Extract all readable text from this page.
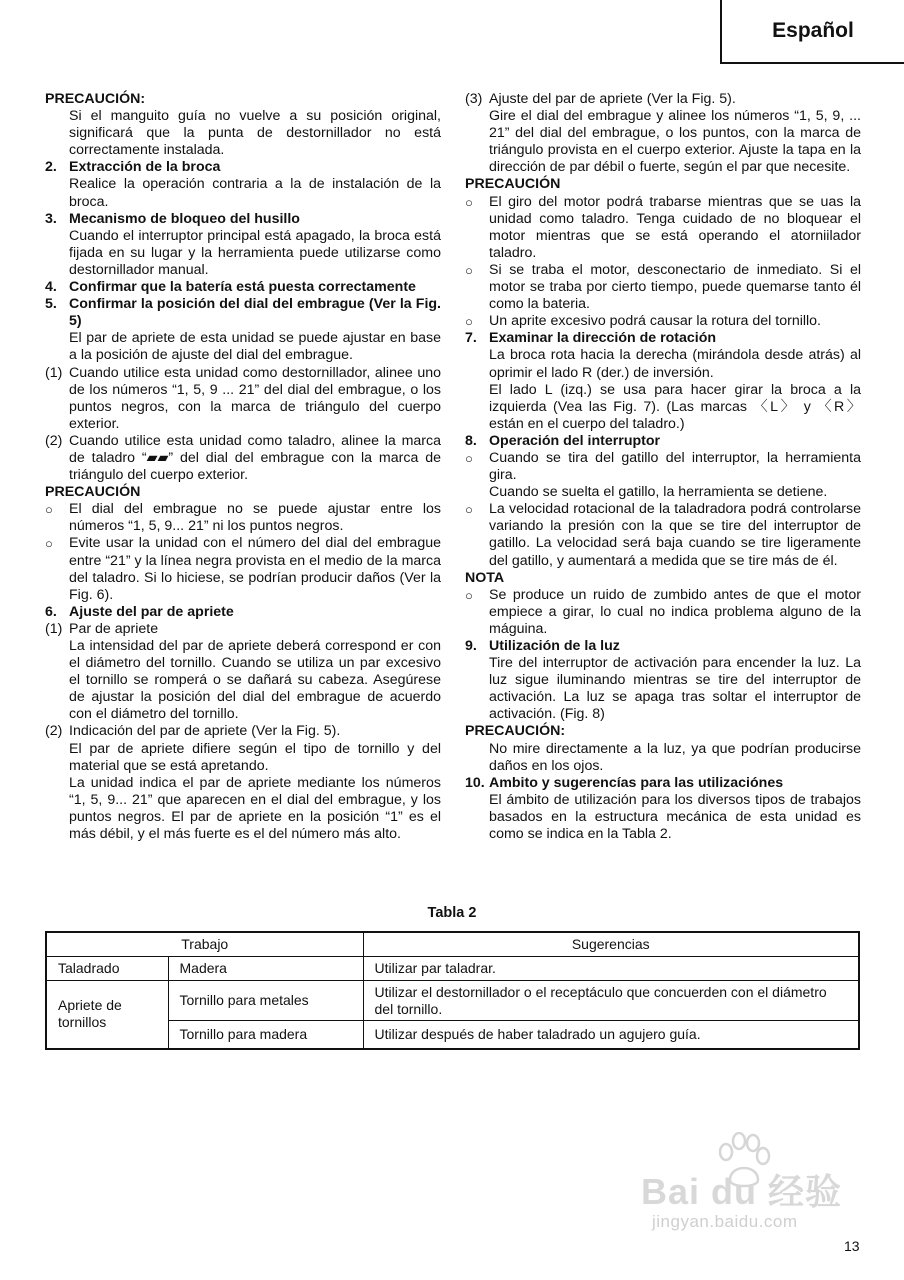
Español
PRECAUCIÓN:
Si el manguito guía no vuelve a su posición original, significará que la punta de destornillador no está correctamente instalada.
2. Extracción de la broca
Realice la operación contraria a la de instalación de la broca.
3. Mecanismo de bloqueo del husillo
Cuando el interruptor principal está apagado, la broca está fijada en su lugar y la herramienta puede utilizarse como destornillador manual.
4. Confirmar que la batería está puesta correctamente
5. Confirmar la posición del dial del embrague (Ver la Fig. 5)
El par de apriete de esta unidad se puede ajustar en base a la posición de ajuste del dial del embrague.
(1) Cuando utilice esta unidad como destornillador, alinee uno de los números “1, 5, 9 ... 21” del dial del embrague, o los puntos negros, con la marca de triángulo del cuerpo exterior.
(2) Cuando utilice esta unidad como taladro, alinee la marca de taladro “▰▰” del dial del embrague con la marca de triángulo del cuerpo exterior.
PRECAUCIÓN
○	El dial del embrague no se puede ajustar entre los números “1, 5, 9... 21” ni los puntos negros.
○	Evite usar la unidad con el número del dial del embrague entre “21” y la línea negra provista en el medio de la marca del taladro. Si lo hiciese, se podrían producir daños (Ver la Fig. 6).
6. Ajuste del par de apriete
(1) Par de apriete
La intensidad del par de apriete deberá correspond er con el diámetro del tornillo. Cuando se utiliza un par excesivo el tornillo se romperá o se dañará su cabeza. Asegúrese de ajustar la posición del dial del embrague de acuerdo con el diámetro del tornillo.
(2) Indicación del par de apriete (Ver la Fig. 5).
El par de apriete difiere según el tipo de tornillo y del material que se está apretando.
La unidad indica el par de apriete mediante los números “1, 5, 9... 21” que aparecen en el dial del embrague, y los puntos negros. El par de apriete en la posición “1” es el más débil, y el más fuerte es el del número más alto.
(3) Ajuste del par de apriete (Ver la Fig. 5).
Gire el dial del embrague y alinee los números “1, 5, 9, ... 21” del dial del embrague, o los puntos, con la marca de triángulo provista en el cuerpo exterior. Ajuste la tapa en la dirección de par débil o fuerte, según el par que necesite.
PRECAUCIÓN
○	El giro del motor podrá trabarse mientras que se uas la unidad como taladro. Tenga cuidado de no bloquear el motor mientras que se está operando el atorniilador taladro.
○	Si se traba el motor, desconectario de inmediato. Si el motor se traba por cierto tiempo, puede quemarse tanto él como la bateria.
○	Un aprite excesivo podrá causar la rotura del tornillo.
7. Examinar la dirección de rotación
La broca rota hacia la derecha (mirándola desde atrás) al oprimir el lado R (der.) de inversión.
El lado L (izq.) se usa para hacer girar la broca a la izquierda (Vea las Fig. 7). (Las marcas 〈L〉 y 〈R〉 están en el cuerpo del taladro.)
8. Operación del interruptor
○	Cuando se tira del gatillo del interruptor, la herramienta gira.
Cuando se suelta el gatillo, la herramienta se detiene.
○	La velocidad rotacional de la taladradora podrá controlarse variando la presión con la que se tire del interruptor de gatillo. La velocidad será baja cuando se tire ligeramente del gatillo, y aumentará a medida que se tire más de él.
NOTA
○	Se produce un ruido de zumbido antes de que el motor empiece a girar, lo cual no indica problema alguno de la máguina.
9. Utilización de la luz
Tire del interruptor de activación para encender la luz. La luz sigue iluminando mientras se tire del interruptor de activación. La luz se apaga tras soltar el interruptor de activación. (Fig. 8)
PRECAUCIÓN:
No mire directamente a la luz, ya que podrían producirse daños en los ojos.
10. Ambito y sugerencías para las utilizaciónes
El ámbito de utilización para los diversos tipos de trabajos basados en la estructura mecánica de esta unidad es como se indica en la Tabla 2.
Tabla 2
Trabajo		Sugerencias
Taladrado	Madera	Utilizar par taladrar.
Apriete de tornillos	Tornillo para metales	Utilizar el destornillador o el receptáculo que concuerden con el diámetro del tornillo.
	Tornillo para madera	Utilizar después de haber taladrado un agujero guía.
Bai du 经验
jingyan.baidu.com
13
